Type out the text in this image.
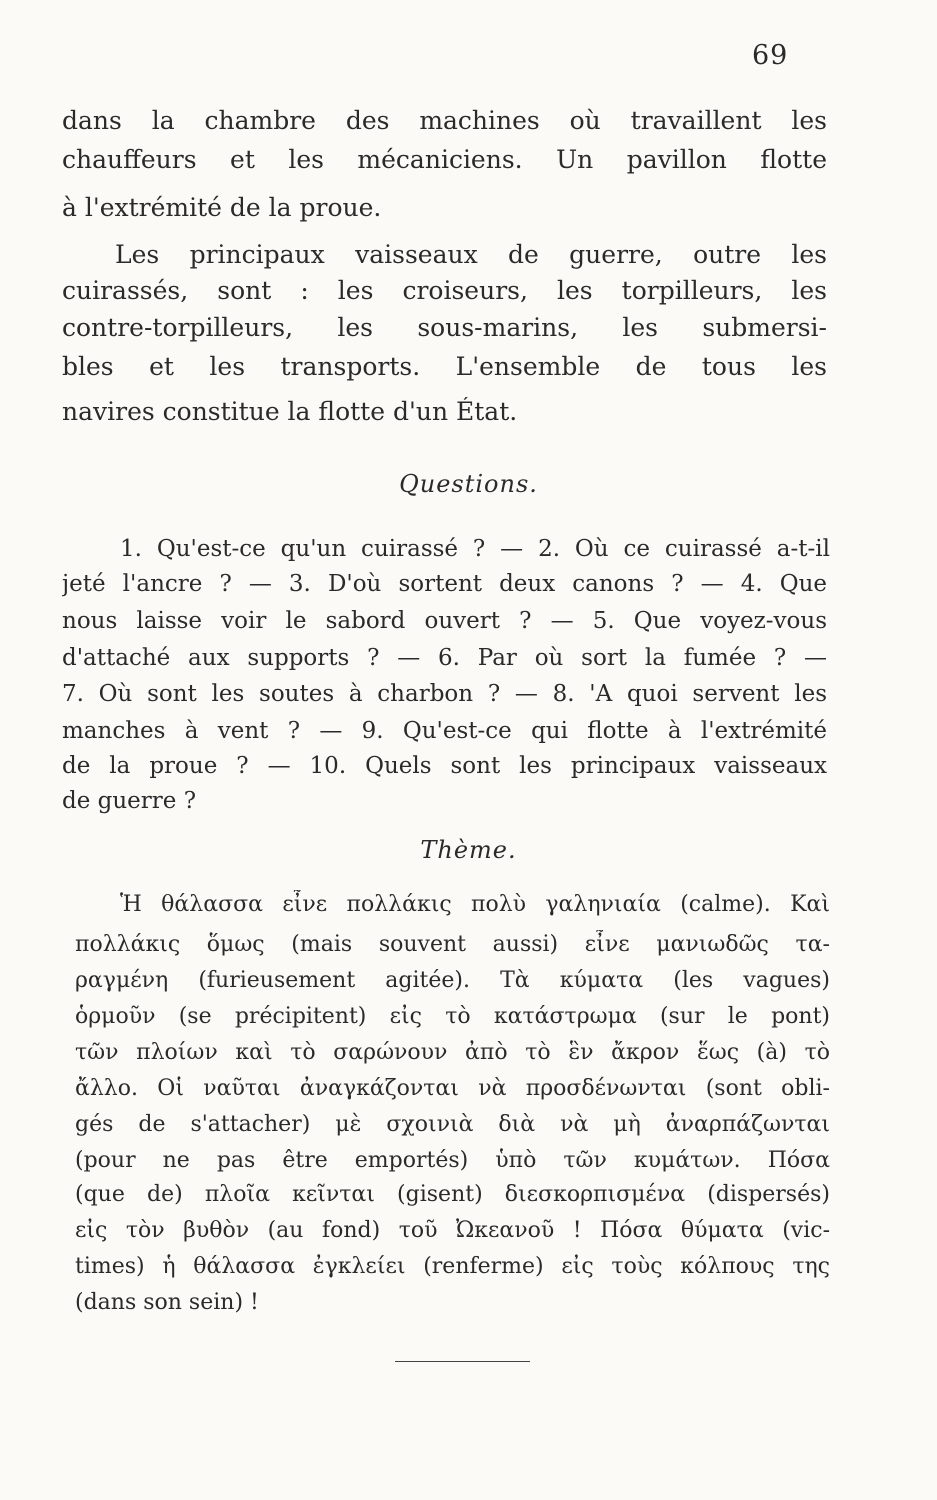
69
dans la chambre des machines où travaillent les
chauffeurs et les mécaniciens. Un pavillon flotte
à l'extrémité de la proue.
Les principaux vaisseaux de guerre, outre les
cuirassés, sont : les croiseurs, les torpilleurs, les
contre-torpilleurs, les sous-marins, les submersi-
bles et les transports. L'ensemble de tous les
navires constitue la flotte d'un État.
Questions.
1. Qu'est-ce qu'un cuirassé ? — 2. Où ce cuirassé a-t-il
jeté l'ancre ? — 3. D'où sortent deux canons ? — 4. Que
nous laisse voir le sabord ouvert ? — 5. Que voyez-vous
d'attaché aux supports ? — 6. Par où sort la fumée ? —
7. Où sont les soutes à charbon ? — 8. 'A quoi servent les
manches à vent ? — 9. Qu'est-ce qui flotte à l'extrémité
de la proue ? — 10. Quels sont les principaux vaisseaux
de guerre ?
Thème.
Ἡ θάλασσα εἶνε πολλάκις πολὺ γαληνιαία (calme). Καὶ
πολλάκις ὅμως (mais souvent aussi) εἶνε μανιωδῶς τα-
ραγμένη (furieusement agitée). Τὰ κύματα (les vagues)
ὁρμοῦν (se précipitent) εἰς τὸ κατάστρωμα (sur le pont)
τῶν πλοίων καὶ τὸ σαρώνουν ἀπὸ τὸ ἓν ἄκρον ἕως (à) τὸ
ἄλλο. Οἱ ναῦται ἀναγκάζονται νὰ προσδένωνται (sont obli-
gés de s'attacher) μὲ σχοινιὰ διὰ νὰ μὴ ἀναρπάζωνται
(pour ne pas être emportés) ὑπὸ τῶν κυμάτων. Πόσα
(que de) πλοῖα κεῖνται (gisent) διεσκορπισμένα (dispersés)
εἰς τὸν βυθὸν (au fond) τοῦ Ὠκεανοῦ ! Πόσα θύματα (vic-
times) ἡ θάλασσα ἐγκλείει (renferme) εἰς τοὺς κόλπους της
(dans son sein) !
